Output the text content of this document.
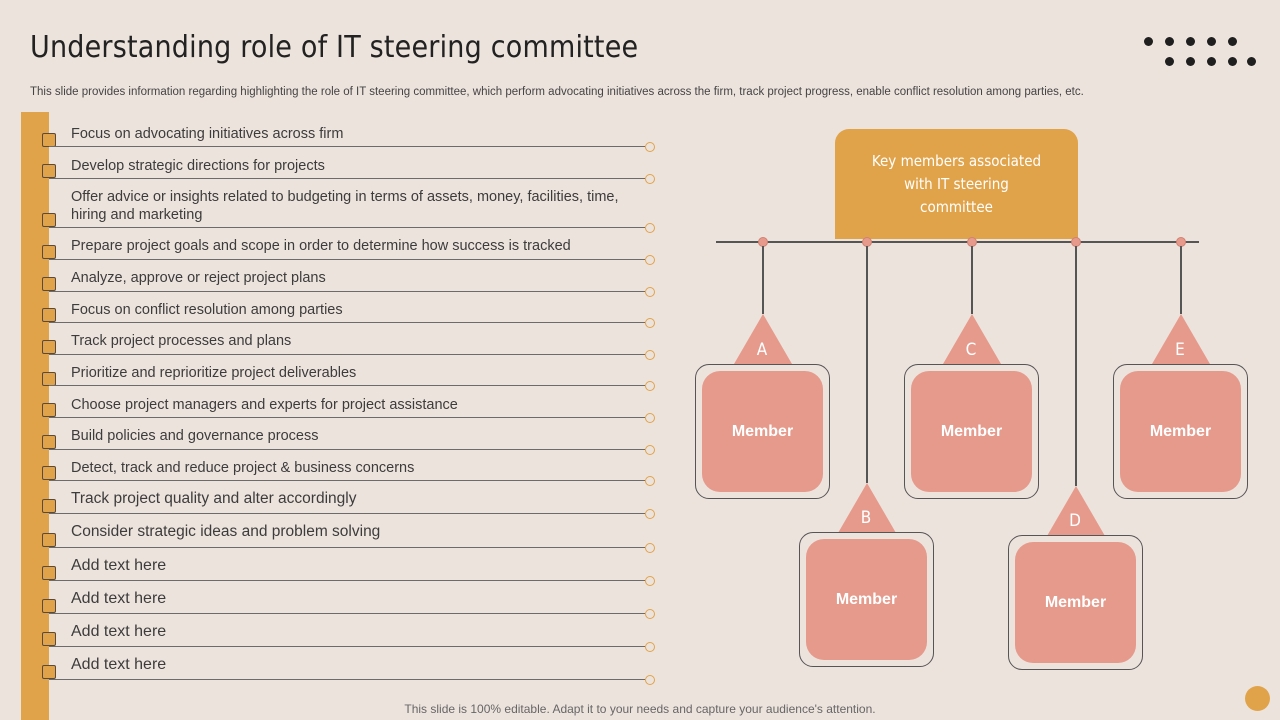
Understanding role of IT steering committee

This slide provides information regarding highlighting the role of IT steering committee, which perform advocating initiatives across the firm, track project progress, enable conflict resolution among parties, etc.

Focus on advocating initiatives across firm
Develop strategic directions for projects
Offer advice or insights related to budgeting in terms of assets, money, facilities, time, hiring and marketing
Prepare project goals and scope in order to determine how success is tracked
Analyze, approve or reject project plans
Focus on conflict resolution among parties
Track project processes and plans
Prioritize and reprioritize project deliverables
Choose project managers and experts for project assistance
Build policies and governance process
Detect, track and reduce project & business concerns
Track project quality and alter accordingly
Consider strategic ideas and problem solving
Add text here
Add text here
Add text here
Add text here
Key members associated with IT steering committee
A
Member
B
Member
C
Member
D
Member
E
Member
This slide is 100% editable. Adapt it to your needs and capture your audience's attention.
